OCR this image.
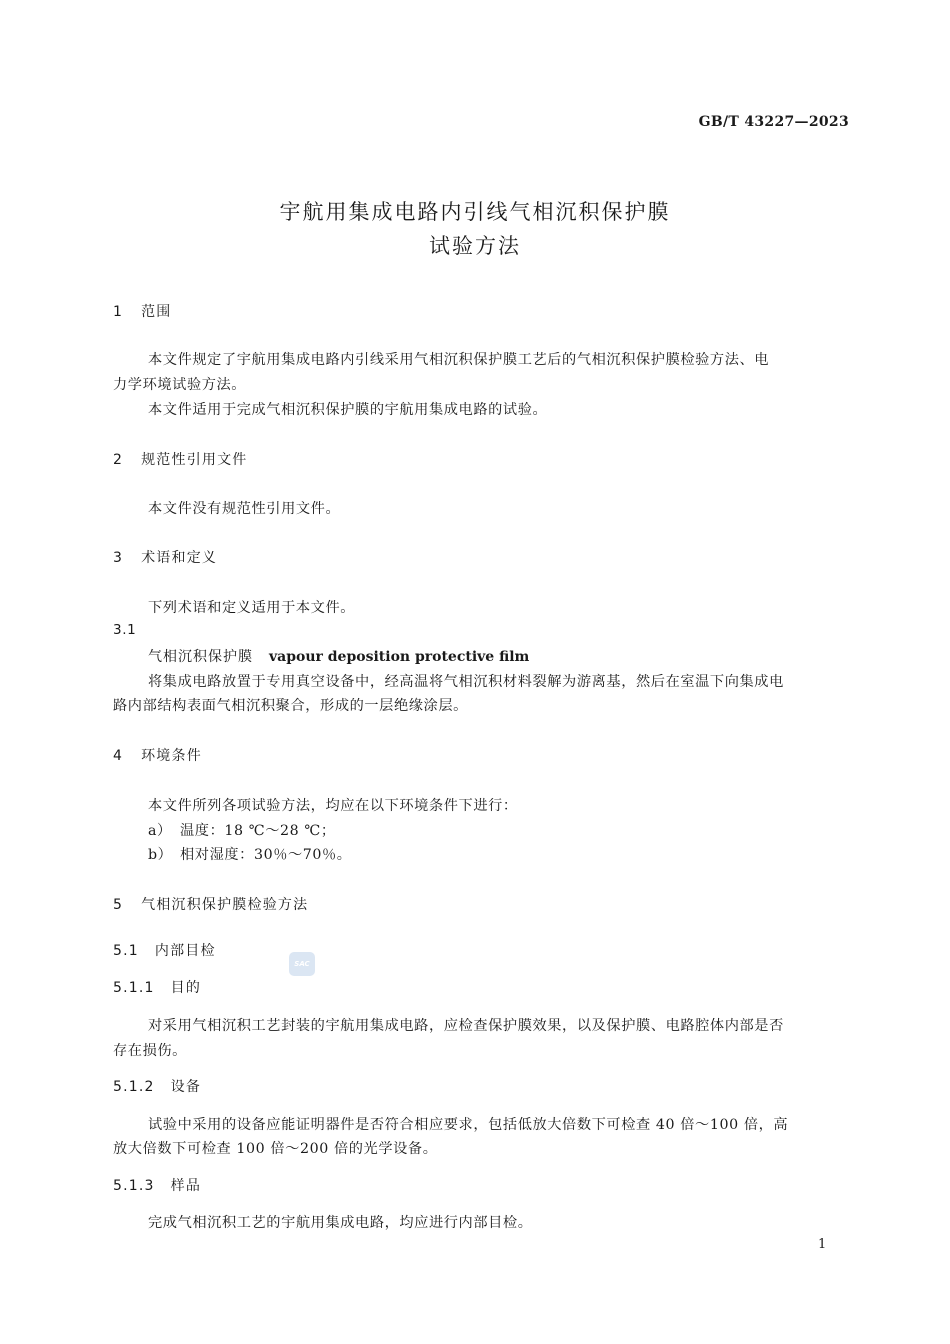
GB/T 43227—2023
宇航用集成电路内引线气相沉积保护膜
试验方法
1 范围
本文件规定了宇航用集成电路内引线采用气相沉积保护膜工艺后的气相沉积保护膜检验方法、电
力学环境试验方法。
本文件适用于完成气相沉积保护膜的宇航用集成电路的试验。
2 规范性引用文件
本文件没有规范性引用文件。
3 术语和定义
下列术语和定义适用于本文件。
3.1
气相沉积保护膜 vapour deposition protective film
将集成电路放置于专用真空设备中，经高温将气相沉积材料裂解为游离基，然后在室温下向集成电
路内部结构表面气相沉积聚合，形成的一层绝缘涂层。
4 环境条件
本文件所列各项试验方法，均应在以下环境条件下进行：
a） 温度：18 ℃～28 ℃；
b） 相对湿度：30％～70％。
5 气相沉积保护膜检验方法
5.1 内部目检
SAC
5.1.1 目的
对采用气相沉积工艺封装的宇航用集成电路，应检查保护膜效果，以及保护膜、电路腔体内部是否
存在损伤。
5.1.2 设备
试验中采用的设备应能证明器件是否符合相应要求，包括低放大倍数下可检查 40 倍～100 倍，高
放大倍数下可检查 100 倍～200 倍的光学设备。
5.1.3 样品
完成气相沉积工艺的宇航用集成电路，均应进行内部目检。
1
